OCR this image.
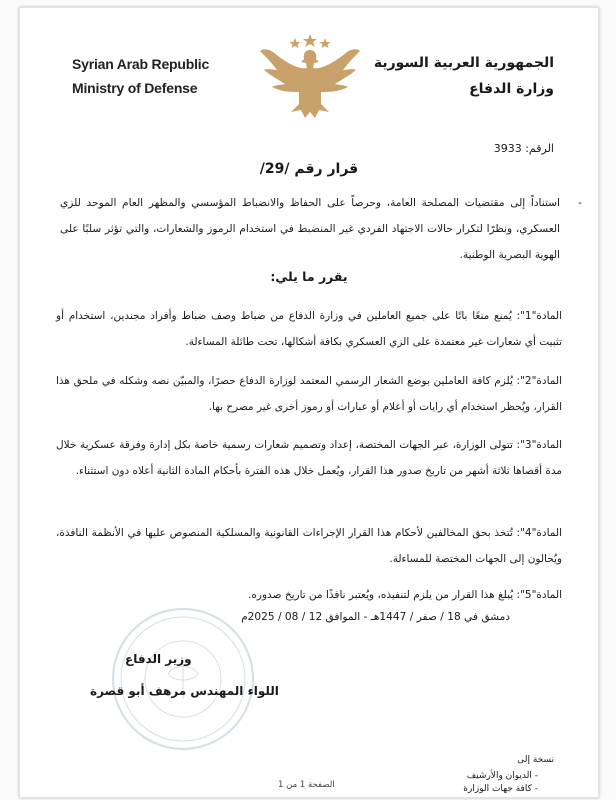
Syrian Arab Republic
Ministry of Defense
الجمهورية العربية السورية
وزارة الدفاع
الرقم: 3933
قرار رقم /29/
-
استناداً إلى مقتضيات المصلحة العامة، وحرصاً على الحفاظ والانضباط المؤسسي والمظهر العام الموحد للزي العسكري، ونظرًا لتكرار حالات الاجتهاد الفردي غير المنضبط في استخدام الرموز والشعارات، والتي تؤثر سلبًا على الهوية البصرية الوطنية.
يقرر ما يلي:
المادة"1": يُمنع منعًا باتًا على جميع العاملين في وزارة الدفاع من ضباط وصف ضباط وأفراد مجندين، استخدام أو تثبيت أي شعارات غير معتمدة على الزي العسكري بكافة أشكالها، تحت طائلة المساءلة.
المادة"2": يُلزم كافة العاملين بوضع الشعار الرسمي المعتمد لوزارة الدفاع حصرًا، والمبيّن نصه وشكله في ملحق هذا القرار، ويُحظر استخدام أي رايات أو أعلام أو عبارات أو رموز أخرى غير مصرح بها.
المادة"3": تتولى الوزارة، عبر الجهات المختصة، إعداد وتصميم شعارات رسمية خاصة بكل إدارة وفرقة عسكرية خلال مدة أقصاها ثلاثة أشهر من تاريخ صدور هذا القرار، ويُعمل خلال هذه الفترة بأحكام المادة الثانية أعلاه دون استثناء.
المادة"4": تُتخذ بحق المخالفين لأحكام هذا القرار الإجراءات القانونية والمسلكية المنصوص عليها في الأنظمة النافذة، ويُحالون إلى الجهات المختصة للمساءلة.
المادة"5": يُبلغ هذا القرار من يلزم لتنفيذه، ويُعتبر نافذًا من تاريخ صدوره.
دمشق في 18 / صفر / 1447هـ - الموافق 12 / 08 / 2025م
وزير الدفاع
اللواء المهندس مرهف أبو قصرة
نسخة إلى
- الديوان والأرشيف
- كافة جهات الوزارة
الصفحة 1 من 1
